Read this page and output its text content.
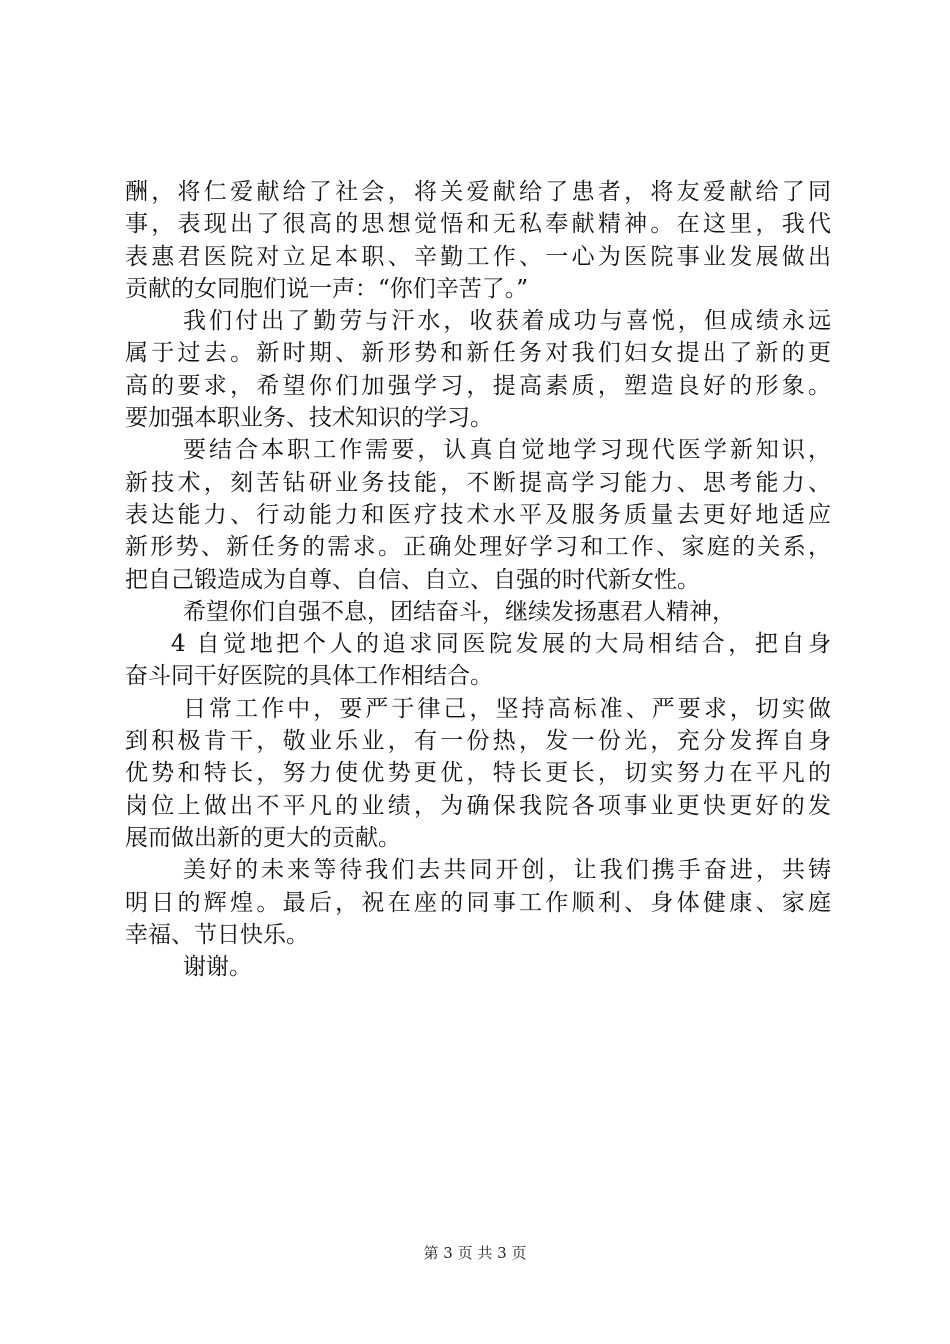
酬，将仁爱献给了社会，将关爱献给了患者，将友爱献给了同
事，表现出了很高的思想觉悟和无私奉献精神。在这里，我代
表惠君医院对立足本职、辛勤工作、一心为医院事业发展做出
贡献的女同胞们说一声：“你们辛苦了。”
我们付出了勤劳与汗水，收获着成功与喜悦，但成绩永远
属于过去。新时期、新形势和新任务对我们妇女提出了新的更
高的要求，希望你们加强学习，提高素质，塑造良好的形象。
要加强本职业务、技术知识的学习。
要结合本职工作需要，认真自觉地学习现代医学新知识，
新技术，刻苦钻研业务技能，不断提高学习能力、思考能力、
表达能力、行动能力和医疗技术水平及服务质量去更好地适应
新形势、新任务的需求。正确处理好学习和工作、家庭的关系，
把自己锻造成为自尊、自信、自立、自强的时代新女性。
希望你们自强不息，团结奋斗，继续发扬惠君人精神，
4 自觉地把个人的追求同医院发展的大局相结合，把自身
奋斗同干好医院的具体工作相结合。
日常工作中，要严于律己，坚持高标准、严要求，切实做
到积极肯干，敬业乐业，有一份热，发一份光，充分发挥自身
优势和特长，努力使优势更优，特长更长，切实努力在平凡的
岗位上做出不平凡的业绩，为确保我院各项事业更快更好的发
展而做出新的更大的贡献。
美好的未来等待我们去共同开创，让我们携手奋进，共铸
明日的辉煌。最后，祝在座的同事工作顺利、身体健康、家庭
幸福、节日快乐。
谢谢。
第 3 页 共 3 页
